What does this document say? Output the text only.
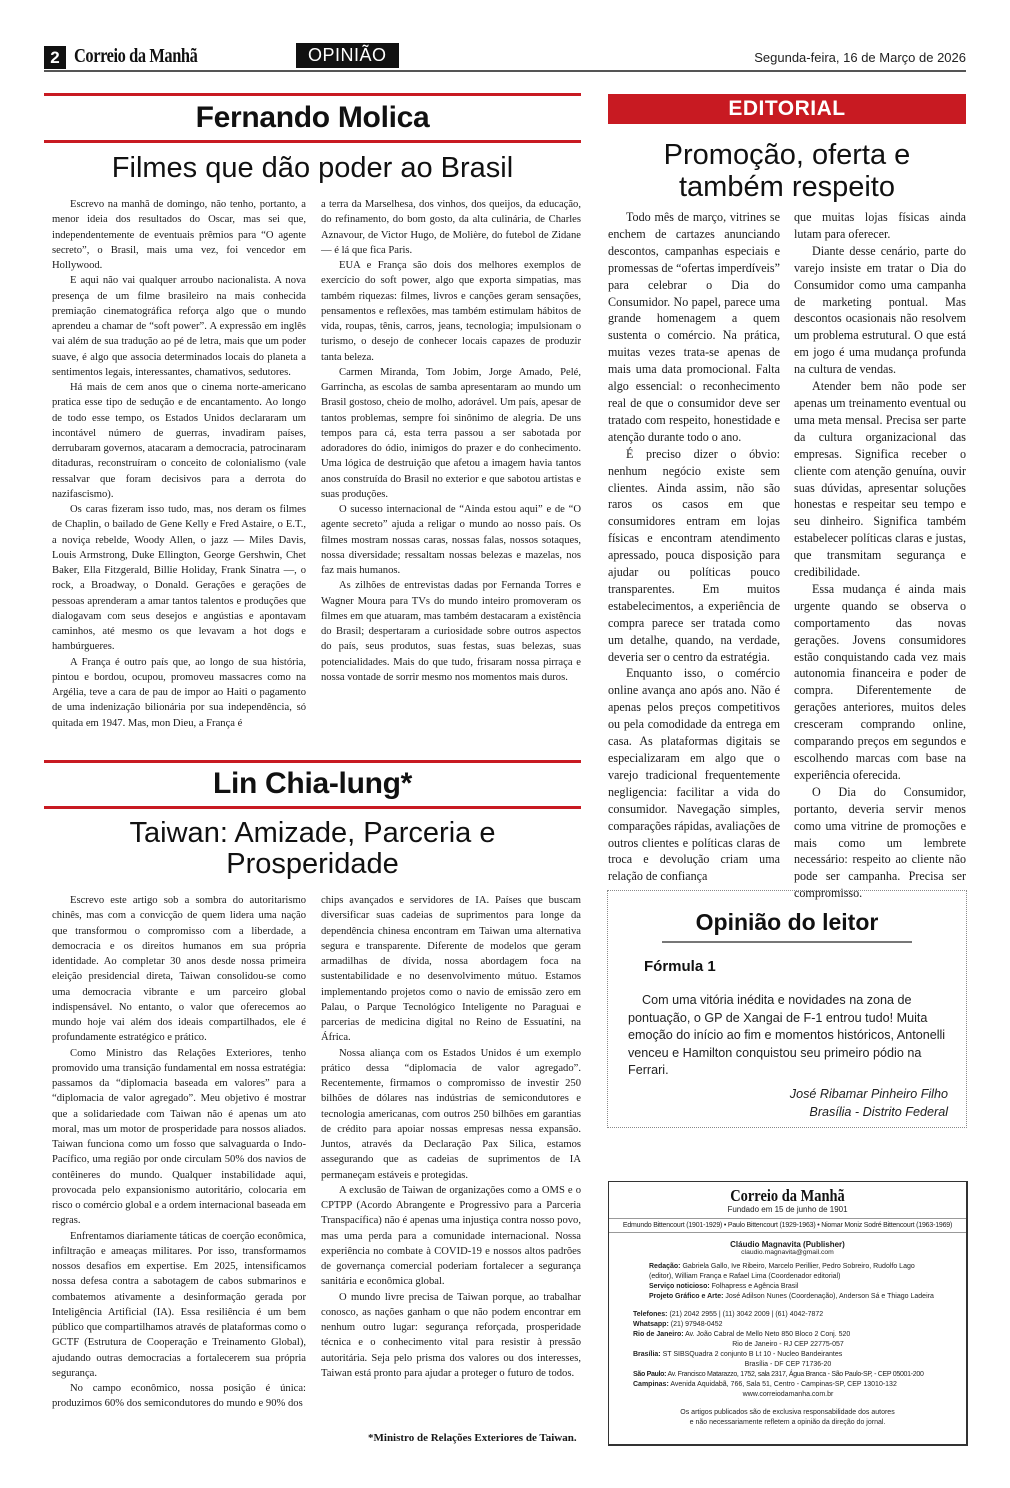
2 Correio da Manhã	OPINIÃO	Segunda-feira, 16 de Março de 2026
Fernando Molica
Filmes que dão poder ao Brasil

Escrevo na manhã de domingo, não tenho, portanto, a menor ideia dos resultados do Oscar, mas sei que, independentemente de eventuais prêmios para “O agente secreto”, o Brasil, mais uma vez, foi vencedor em Hollywood.

E aqui não vai qualquer arroubo nacionalista. A nova presença de um filme brasileiro na mais conhecida premiação cinematográfica reforça algo que o mundo aprendeu a chamar de “soft power”. A expressão em inglês vai além de sua tradução ao pé de letra, mais que um poder suave, é algo que associa determinados locais do planeta a sentimentos legais, interessantes, chamativos, sedutores.

Há mais de cem anos que o cinema norte-americano pratica esse tipo de sedução e de encantamento. Ao longo de todo esse tempo, os Estados Unidos declararam um incontável número de guerras, invadiram países, derrubaram governos, atacaram a democracia, patrocinaram ditaduras, reconstruíram o conceito de colonialismo (vale ressalvar que foram decisivos para a derrota do nazifascismo).

Os caras fizeram isso tudo, mas, nos deram os filmes de Chaplin, o bailado de Gene Kelly e Fred Astaire, o E.T., a noviça rebelde, Woody Allen, o jazz — Miles Davis, Louis Armstrong, Duke Ellington, George Gershwin, Chet Baker, Ella Fitzgerald, Billie Holiday, Frank Sinatra —, o rock, a Broadway, o Donald. Gerações e gerações de pessoas aprenderam a amar tantos talentos e produções que dialogavam com seus desejos e angústias e apontavam caminhos, até mesmo os que levavam a hot dogs e hambúrgueres.

A França é outro país que, ao longo de sua história, pintou e bordou, ocupou, promoveu massacres como na Argélia, teve a cara de pau de impor ao Haiti o pagamento de uma indenização bilionária por sua independência, só quitada em 1947. Mas, mon Dieu, a França é

a terra da Marselhesa, dos vinhos, dos queijos, da educação, do refinamento, do bom gosto, da alta culinária, de Charles Aznavour, de Victor Hugo, de Molière, do futebol de Zidane — é lá que fica Paris.

EUA e França são dois dos melhores exemplos de exercício do soft power, algo que exporta simpatias, mas também riquezas: filmes, livros e canções geram sensações, pensamentos e reflexões, mas também estimulam hábitos de vida, roupas, tênis, carros, jeans, tecnologia; impulsionam o turismo, o desejo de conhecer locais capazes de produzir tanta beleza.

Carmen Miranda, Tom Jobim, Jorge Amado, Pelé, Garrincha, as escolas de samba apresentaram ao mundo um Brasil gostoso, cheio de molho, adorável. Um país, apesar de tantos problemas, sempre foi sinônimo de alegria. De uns tempos para cá, esta terra passou a ser sabotada por adoradores do ódio, inimigos do prazer e do conhecimento. Uma lógica de destruição que afetou a imagem havia tantos anos construída do Brasil no exterior e que sabotou artistas e suas produções.

O sucesso internacional de “Ainda estou aqui” e de “O agente secreto” ajuda a religar o mundo ao nosso país. Os filmes mostram nossas caras, nossas falas, nossos sotaques, nossa diversidade; ressaltam nossas belezas e mazelas, nos faz mais humanos.

As zilhões de entrevistas dadas por Fernanda Torres e Wagner Moura para TVs do mundo inteiro promoveram os filmes em que atuaram, mas também destacaram a existência do Brasil; despertaram a curiosidade sobre outros aspectos do país, seus produtos, suas festas, suas belezas, suas potencialidades. Mais do que tudo, frisaram nossa pirraça e nossa vontade de sorrir mesmo nos momentos mais duros.

EDITORIAL
Promoção, oferta e também respeito

Todo mês de março, vitrines se enchem de cartazes anunciando descontos, campanhas especiais e promessas de “ofertas imperdíveis” para celebrar o Dia do Consumidor. No papel, parece uma grande homenagem a quem sustenta o comércio. Na prática, muitas vezes trata-se apenas de mais uma data promocional. Falta algo essencial: o reconhecimento real de que o consumidor deve ser tratado com respeito, honestidade e atenção durante todo o ano.

É preciso dizer o óbvio: nenhum negócio existe sem clientes. Ainda assim, não são raros os casos em que consumidores entram em lojas físicas e encontram atendimento apressado, pouca disposição para ajudar ou políticas pouco transparentes. Em muitos estabelecimentos, a experiência de compra parece ser tratada como um detalhe, quando, na verdade, deveria ser o centro da estratégia.

Enquanto isso, o comércio online avança ano após ano. Não é apenas pelos preços competitivos ou pela comodidade da entrega em casa. As plataformas digitais se especializaram em algo que o varejo tradicional frequentemente negligencia: facilitar a vida do consumidor. Navegação simples, comparações rápidas, avaliações de outros clientes e políticas claras de troca e devolução criam uma relação de confiança

que muitas lojas físicas ainda lutam para oferecer.

Diante desse cenário, parte do varejo insiste em tratar o Dia do Consumidor como uma campanha de marketing pontual. Mas descontos ocasionais não resolvem um problema estrutural. O que está em jogo é uma mudança profunda na cultura de vendas.

Atender bem não pode ser apenas um treinamento eventual ou uma meta mensal. Precisa ser parte da cultura organizacional das empresas. Significa receber o cliente com atenção genuína, ouvir suas dúvidas, apresentar soluções honestas e respeitar seu tempo e seu dinheiro. Significa também estabelecer políticas claras e justas, que transmitam segurança e credibilidade.

Essa mudança é ainda mais urgente quando se observa o comportamento das novas gerações. Jovens consumidores estão conquistando cada vez mais autonomia financeira e poder de compra. Diferentemente de gerações anteriores, muitos deles cresceram comprando online, comparando preços em segundos e escolhendo marcas com base na experiência oferecida.

O Dia do Consumidor, portanto, deveria servir menos como uma vitrine de promoções e mais como um lembrete necessário: respeito ao cliente não pode ser campanha. Precisa ser compromisso.

Lin Chia-lung*
Taiwan: Amizade, Parceria e Prosperidade

Escrevo este artigo sob a sombra do autoritarismo chinês, mas com a convicção de quem lidera uma nação que transformou o compromisso com a liberdade, a democracia e os direitos humanos em sua própria identidade. Ao completar 30 anos desde nossa primeira eleição presidencial direta, Taiwan consolidou-se como uma democracia vibrante e um parceiro global indispensável. No entanto, o valor que oferecemos ao mundo hoje vai além dos ideais compartilhados, ele é profundamente estratégico e prático.

Como Ministro das Relações Exteriores, tenho promovido uma transição fundamental em nossa estratégia: passamos da “diplomacia baseada em valores” para a “diplomacia de valor agregado”. Meu objetivo é mostrar que a solidariedade com Taiwan não é apenas um ato moral, mas um motor de prosperidade para nossos aliados. Taiwan funciona como um fosso que salvaguarda o Indo-Pacífico, uma região por onde circulam 50% dos navios de contêineres do mundo. Qualquer instabilidade aqui, provocada pelo expansionismo autoritário, colocaria em risco o comércio global e a ordem internacional baseada em regras.

Enfrentamos diariamente táticas de coerção econômica, infiltração e ameaças militares. Por isso, transformamos nossos desafios em expertise. Em 2025, intensificamos nossa defesa contra a sabotagem de cabos submarinos e combatemos ativamente a desinformação gerada por Inteligência Artificial (IA). Essa resiliência é um bem público que compartilhamos através de plataformas como o GCTF (Estrutura de Cooperação e Treinamento Global), ajudando outras democracias a fortalecerem sua própria segurança.

No campo econômico, nossa posição é única: produzimos 60% dos semicondutores do mundo e 90% dos

chips avançados e servidores de IA. Países que buscam diversificar suas cadeias de suprimentos para longe da dependência chinesa encontram em Taiwan uma alternativa segura e transparente. Diferente de modelos que geram armadilhas de dívida, nossa abordagem foca na sustentabilidade e no desenvolvimento mútuo. Estamos implementando projetos como o navio de emissão zero em Palau, o Parque Tecnológico Inteligente no Paraguai e parcerias de medicina digital no Reino de Essuatíni, na África.

Nossa aliança com os Estados Unidos é um exemplo prático dessa “diplomacia de valor agregado”. Recentemente, firmamos o compromisso de investir 250 bilhões de dólares nas indústrias de semicondutores e tecnologia americanas, com outros 250 bilhões em garantias de crédito para apoiar nossas empresas nessa expansão. Juntos, através da Declaração Pax Silica, estamos assegurando que as cadeias de suprimentos de IA permaneçam estáveis e protegidas.

A exclusão de Taiwan de organizações como a OMS e o CPTPP (Acordo Abrangente e Progressivo para a Parceria Transpacífica) não é apenas uma injustiça contra nosso povo, mas uma perda para a comunidade internacional. Nossa experiência no combate à COVID-19 e nossos altos padrões de governança comercial poderiam fortalecer a segurança sanitária e econômica global.

O mundo livre precisa de Taiwan porque, ao trabalhar conosco, as nações ganham o que não podem encontrar em nenhum outro lugar: segurança reforçada, prosperidade técnica e o conhecimento vital para resistir à pressão autoritária. Seja pelo prisma dos valores ou dos interesses, Taiwan está pronto para ajudar a proteger o futuro de todos.

*Ministro de Relações Exteriores de Taiwan.
Opinião do leitor
Fórmula 1

Com uma vitória inédita e novidades na zona de pontuação, o GP de Xangai de F-1 entrou tudo! Muita emoção do início ao fim e momentos históricos, Antonelli venceu e Hamilton conquistou seu primeiro pódio na Ferrari.

José Ribamar Pinheiro Filho
Brasília - Distrito Federal
Correio da Manhã
Fundado em 15 de junho de 1901
Edmundo Bittencourt (1901-1929) • Paulo Bittencourt (1929-1963) • Niomar Moniz Sodré Bittencourt (1963-1969)
Cláudio Magnavita (Publisher)
claudio.magnavita@gmail.com
Redação: Gabriela Gallo, Ive Ribeiro, Marcelo Perillier, Pedro Sobreiro, Rudolfo Lago (editor), William França e Rafael Lima (Coordenador editorial)
Serviço noticioso: Folhapress e Agência Brasil
Projeto Gráfico e Arte: José Adilson Nunes (Coordenação), Anderson Sá e Thiago Ladeira
Telefones: (21) 2042 2955 | (11) 3042 2009 | (61) 4042-7872
Whatsapp: (21) 97948-0452
Rio de Janeiro: Av. João Cabral de Mello Neto 850 Bloco 2 Conj. 520
Rio de Janeiro - RJ CEP 22775-057
Brasília: ST SIBSQuadra 2 conjunto B Lt 10 - Nucleo Bandeirantes
Brasília - DF CEP 71736-20
São Paulo: Av. Francisco Matarazzo, 1752, sala 2317, Água Branca - São Paulo-SP, - CEP 05001-200
Campinas: Avenida Aquidabã, 766, Sala 51, Centro - Campinas-SP, CEP 13010-132
www.correiodamanha.com.br
Os artigos publicados são de exclusiva responsabilidade dos autores
e não necessariamente refletem a opinião da direção do jornal.
